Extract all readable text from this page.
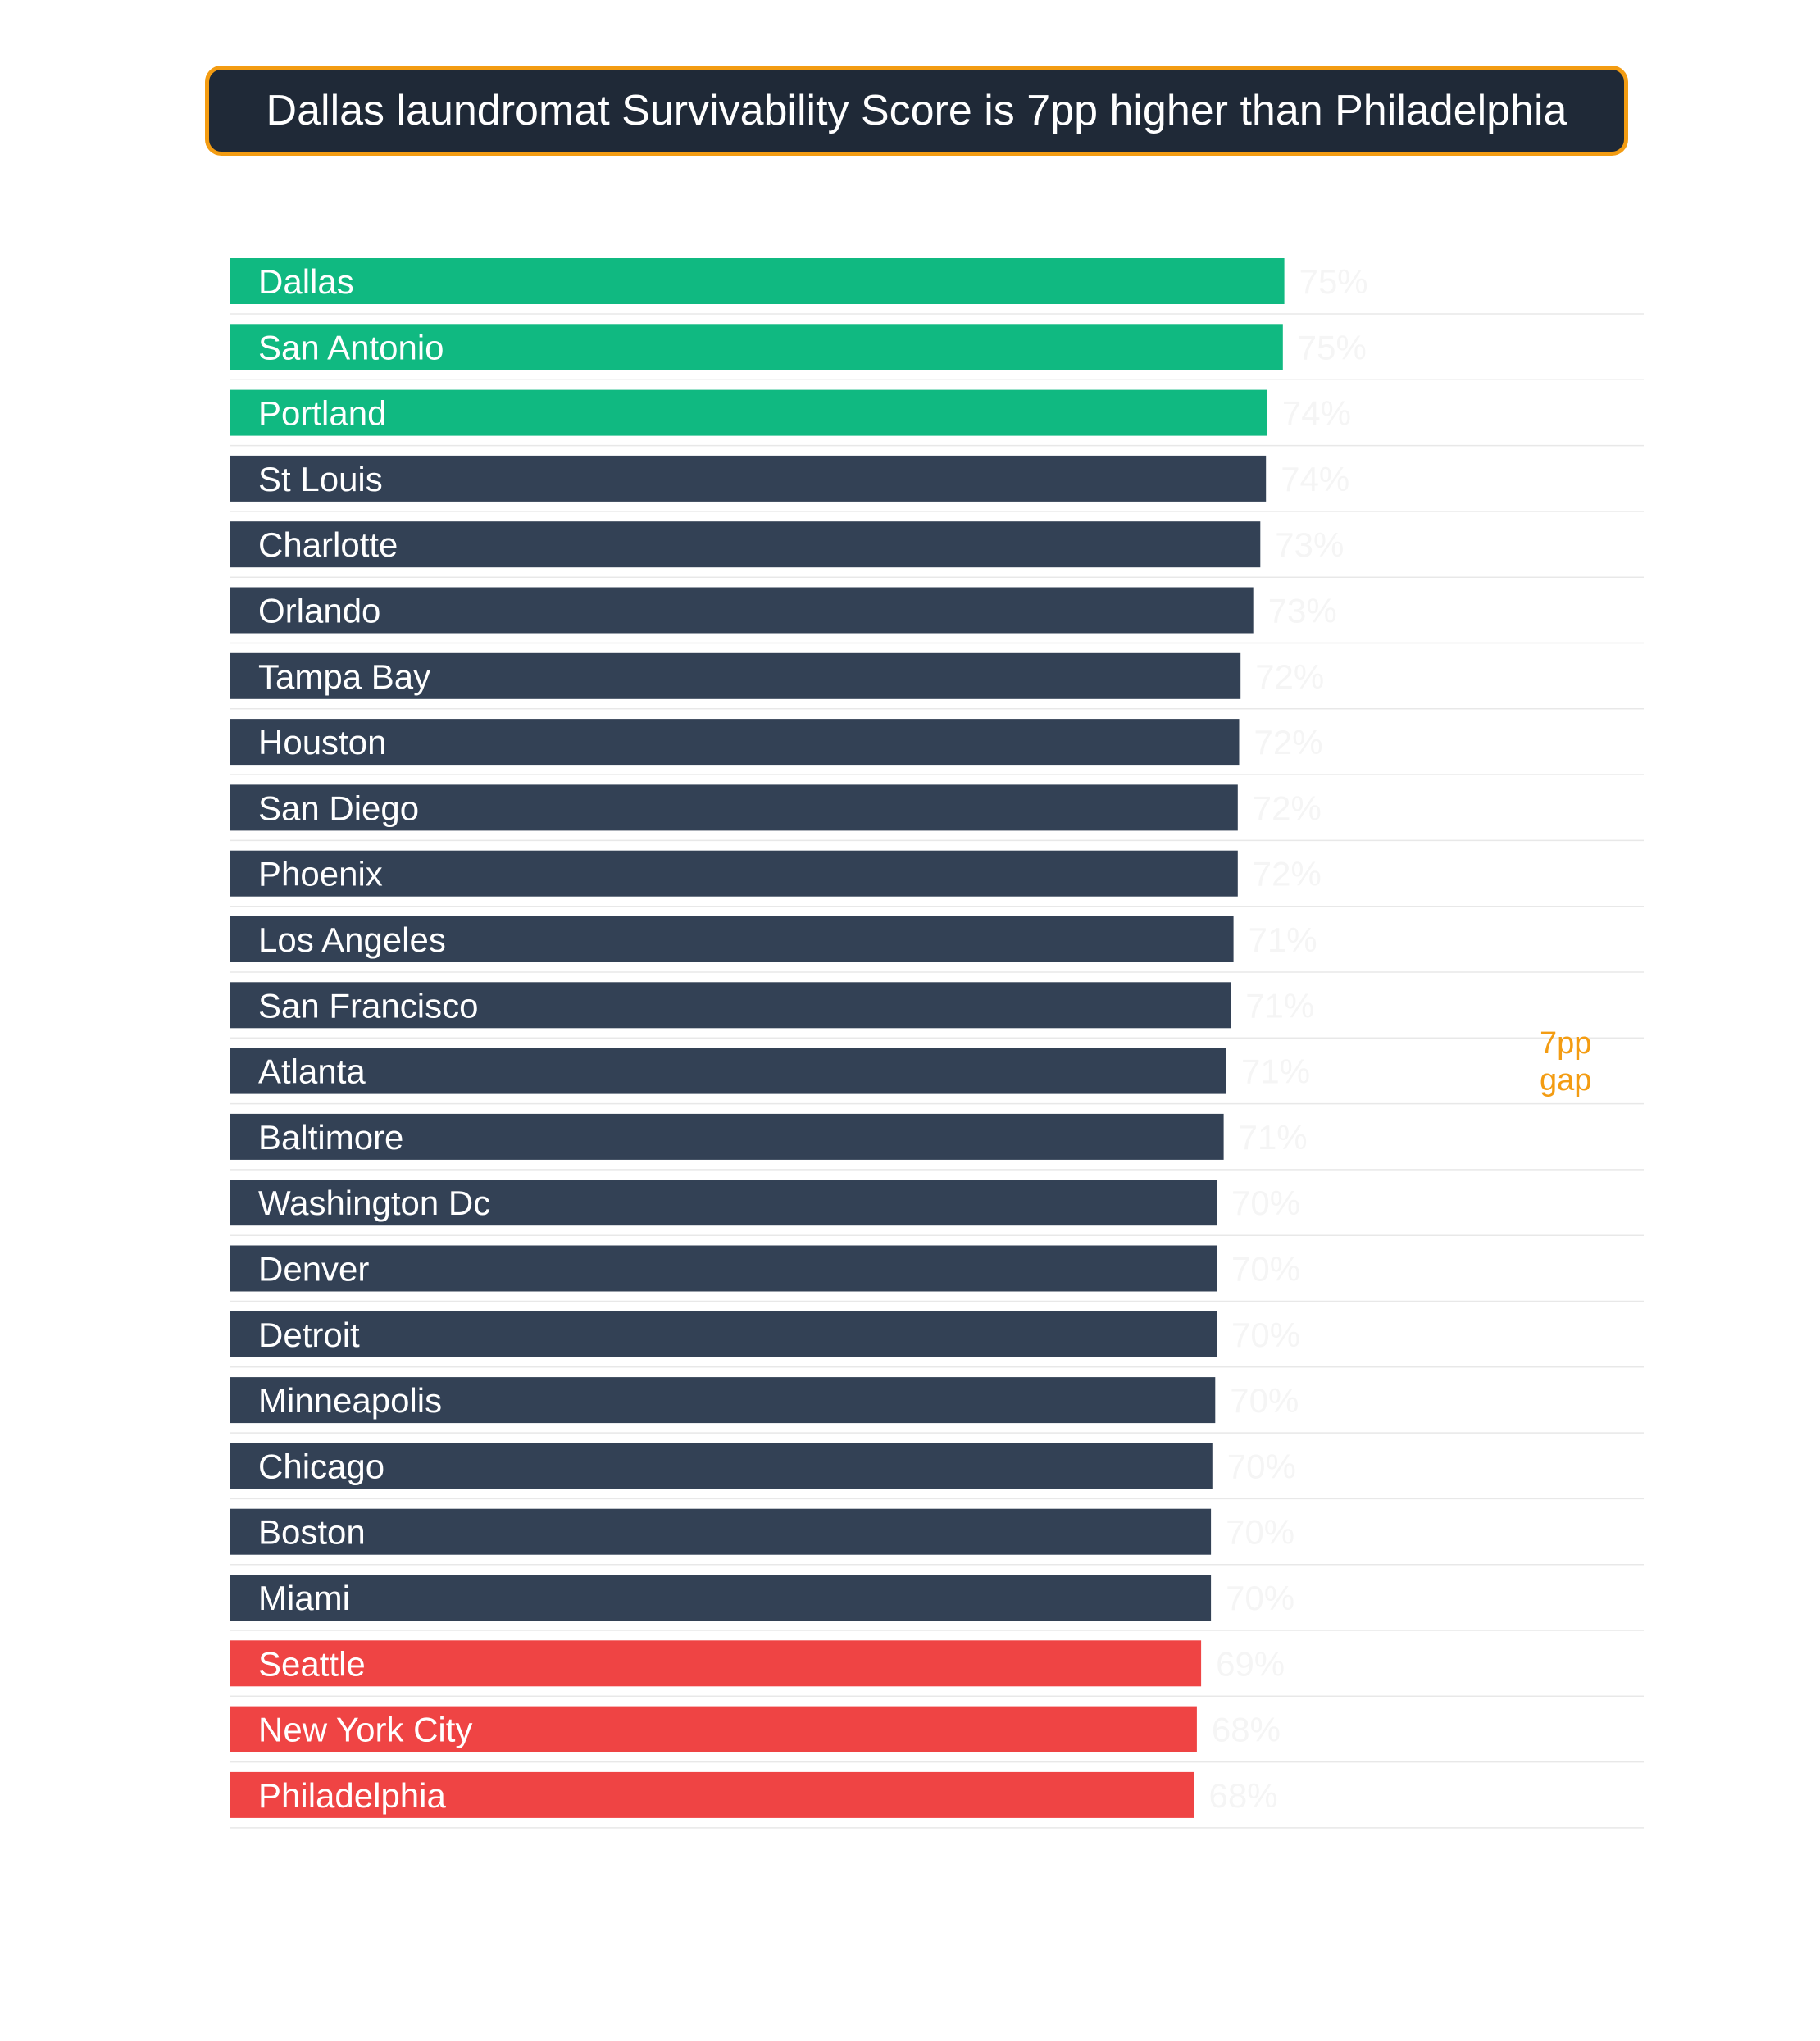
Dallas laundromat Survivability Score is 7pp higher than Philadelphia
75%
75%
74%
74%
73%
73%
72%
72%
72%
72%
71%
71%
71%
71%
70%
70%
70%
70%
70%
70%
70%
69%
68%
68%
Dallas
San Antonio
Portland
St Louis
Charlotte
Orlando
Tampa Bay
Houston
San Diego
Phoenix
Los Angeles
San Francisco
Atlanta
Baltimore
Washington Dc
Denver
Detroit
Minneapolis
Chicago
Boston
Miami
Seattle
New York City
Philadelphia
7pp
gap
